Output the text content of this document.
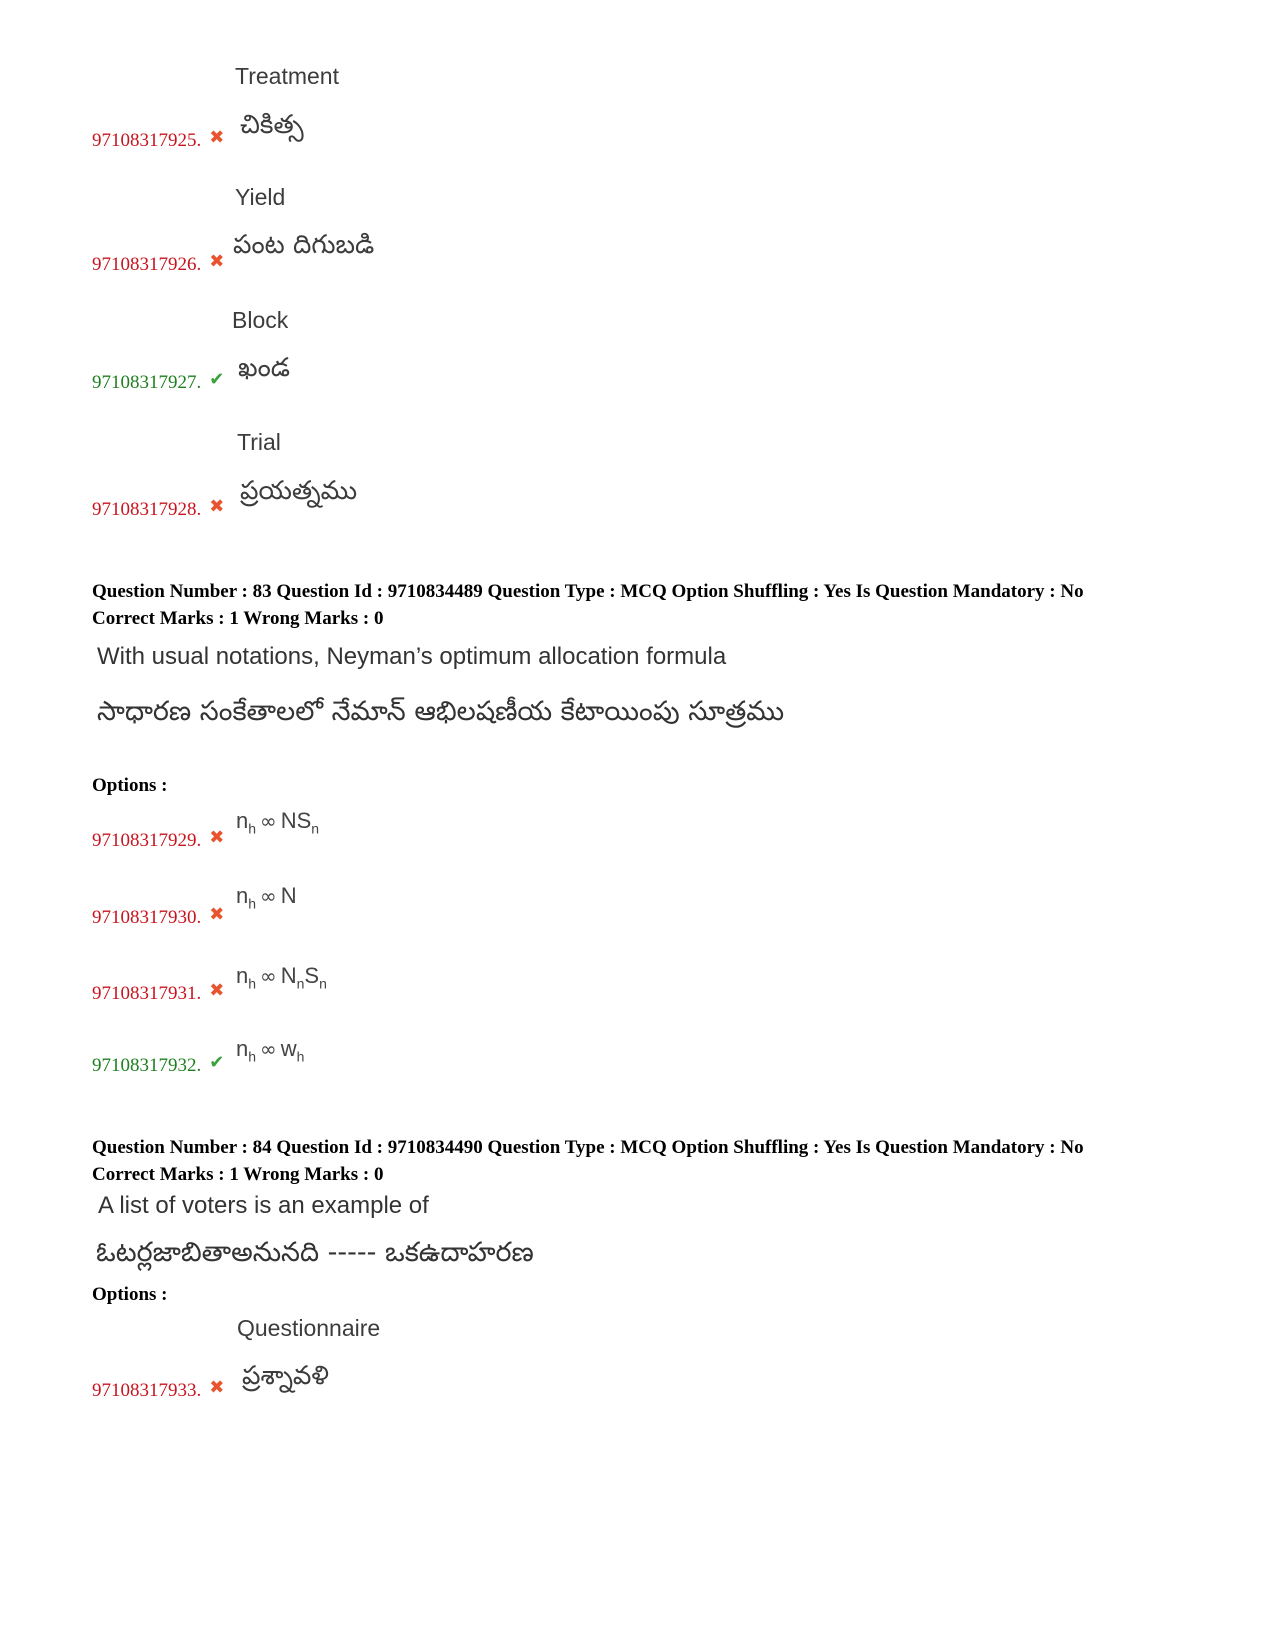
Treatment
చికిత్స
97108317925. ✖
Yield
పంట దిగుబడి
97108317926. ✖
Block
ఖండ
97108317927. ✔
Trial
ప్రయత్నము
97108317928. ✖
Question Number : 83 Question Id : 9710834489 Question Type : MCQ Option Shuffling : Yes Is Question Mandatory : No
Correct Marks : 1 Wrong Marks : 0
With usual notations, Neyman’s optimum allocation formula
సాధారణ సంకేతాలలో నేమాన్ ఆభిలషణీయ కేటాయింపు సూత్రము
Options :
$n_h$ ∞ $NS_n$
97108317929. ✖
$n_h$ ∞ N
97108317930. ✖
$n_h$ ∞ $N_nS_n$
97108317931. ✖
$n_h$ ∞ $w_h$
97108317932. ✔
Question Number : 84 Question Id : 9710834490 Question Type : MCQ Option Shuffling : Yes Is Question Mandatory : No
Correct Marks : 1 Wrong Marks : 0
A list of voters is an example of
ఓటర్లజాబితాఅనునది ----- ఒకఉదాహరణ
Options :
Questionnaire
ప్రశ్నావళి
97108317933. ✖
